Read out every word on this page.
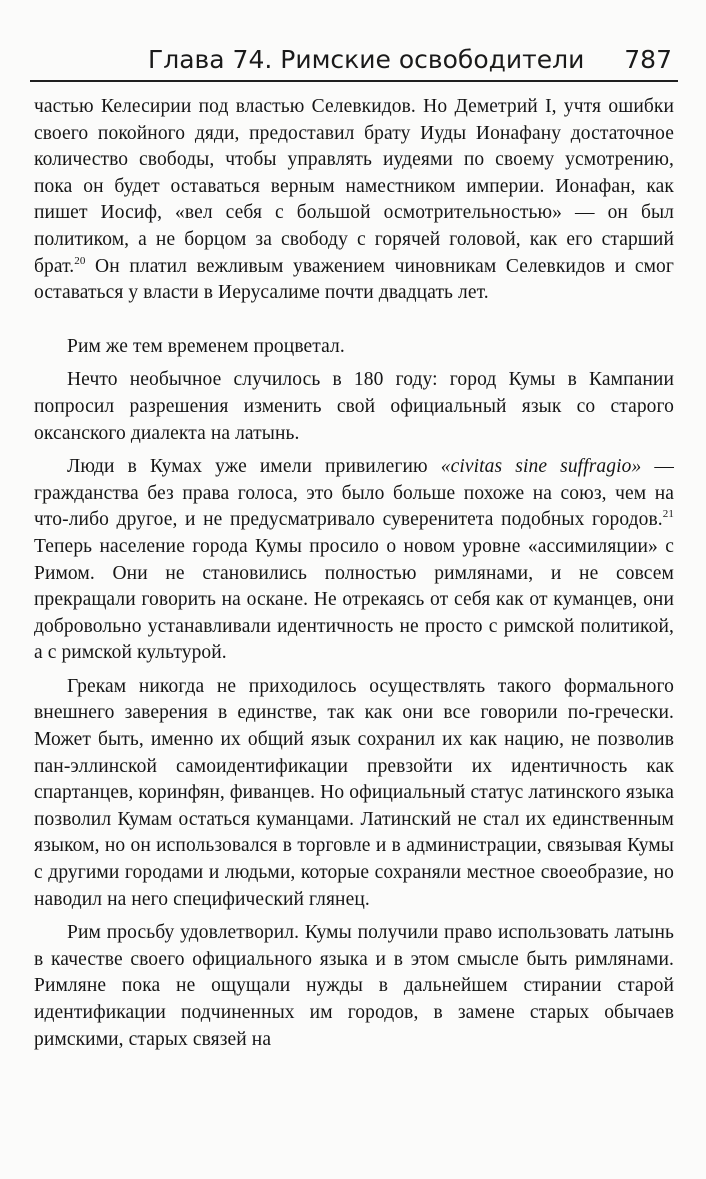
Глава 74. Римские освободители 787

частью Келесирии под властью Селевкидов. Но Деметрий I, учтя ошибки своего покойного дяди, предоставил брату Иуды Ионафану достаточное количество свободы, чтобы управлять иудеями по своему усмотрению, пока он будет оставаться верным наместником империи. Ионафан, как пишет Иосиф, «вел себя с большой осмотрительностью» — он был политиком, а не борцом за свободу с горячей головой, как его старший брат.$^{20}$ Он платил вежливым уважением чиновникам Селевкидов и смог оставаться у власти в Иерусалиме почти двадцать лет.

Рим же тем временем процветал.

Нечто необычное случилось в 180 году: город Кумы в Кампании попросил разрешения изменить свой официальный язык со старого оксанского диалекта на латынь.

Люди в Кумах уже имели привилегию «civitas sine suffragio» — гражданства без права голоса, это было больше похоже на союз, чем на что-либо другое, и не предусматривало суверенитета подобных городов.$^{21}$ Теперь население города Кумы просило о новом уровне «ассимиляции» с Римом. Они не становились полностью римлянами, и не совсем прекращали говорить на оскане. Не отрекаясь от себя как от куманцев, они добровольно устанавливали идентичность не просто с римской политикой, а с римской культурой.

Грекам никогда не приходилось осуществлять такого формального внешнего заверения в единстве, так как они все говорили по-гречески. Может быть, именно их общий язык сохранил их как нацию, не позволив пан-эллинской самоидентификации превзойти их идентичность как спартанцев, коринфян, фиванцев. Но официальный статус латинского языка позволил Кумам остаться куманцами. Латинский не стал их единственным языком, но он использовался в торговле и в администрации, связывая Кумы с другими городами и людьми, которые сохраняли местное своеобразие, но наводил на него специфический глянец.

Рим просьбу удовлетворил. Кумы получили право использовать латынь в качестве своего официального языка и в этом смысле быть римлянами. Римляне пока не ощущали нужды в дальнейшем стирании старой идентификации подчиненных им городов, в замене старых обычаев римскими, старых связей на
